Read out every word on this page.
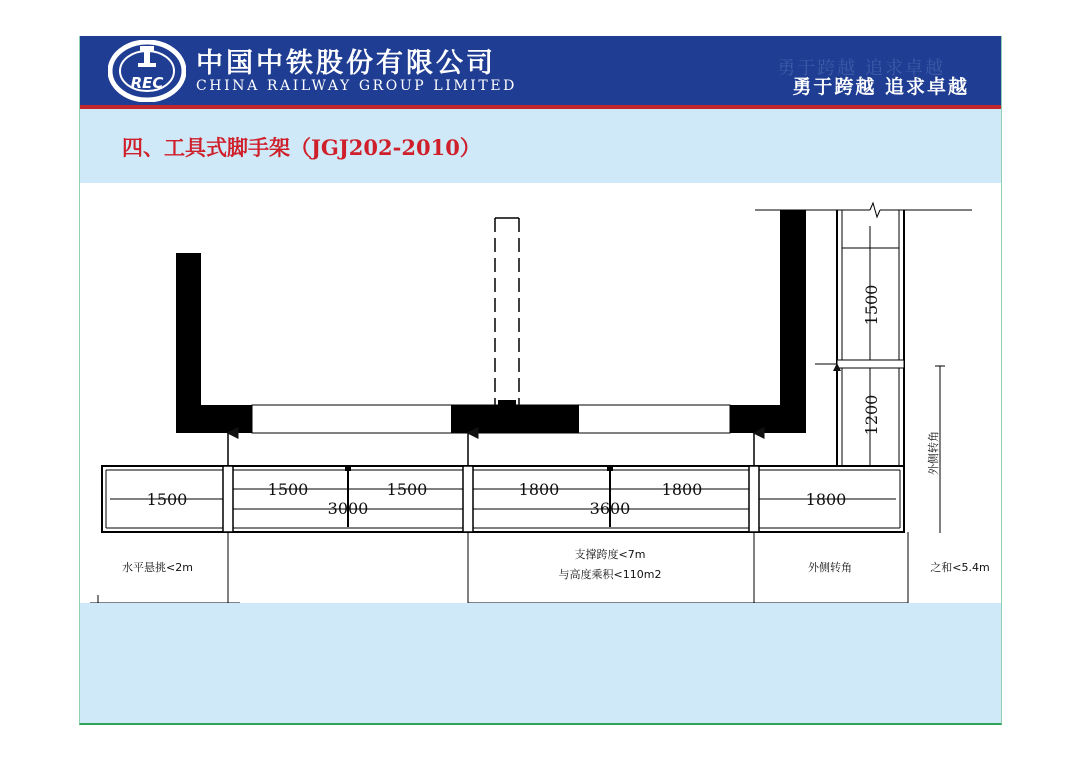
REC
中国中铁股份有限公司
CHINA RAILWAY GROUP LIMITED
勇于跨越 追求卓越
勇于跨越 追求卓越
四、工具式脚手架（JGJ202-2010）
1500
1200
外侧转角
1500
1500	1500
3000
1800	1800
3600	1800
水平悬挑<2m
支撑跨度<7m
与高度乘积<110m2
外侧转角	之和<5.4m
